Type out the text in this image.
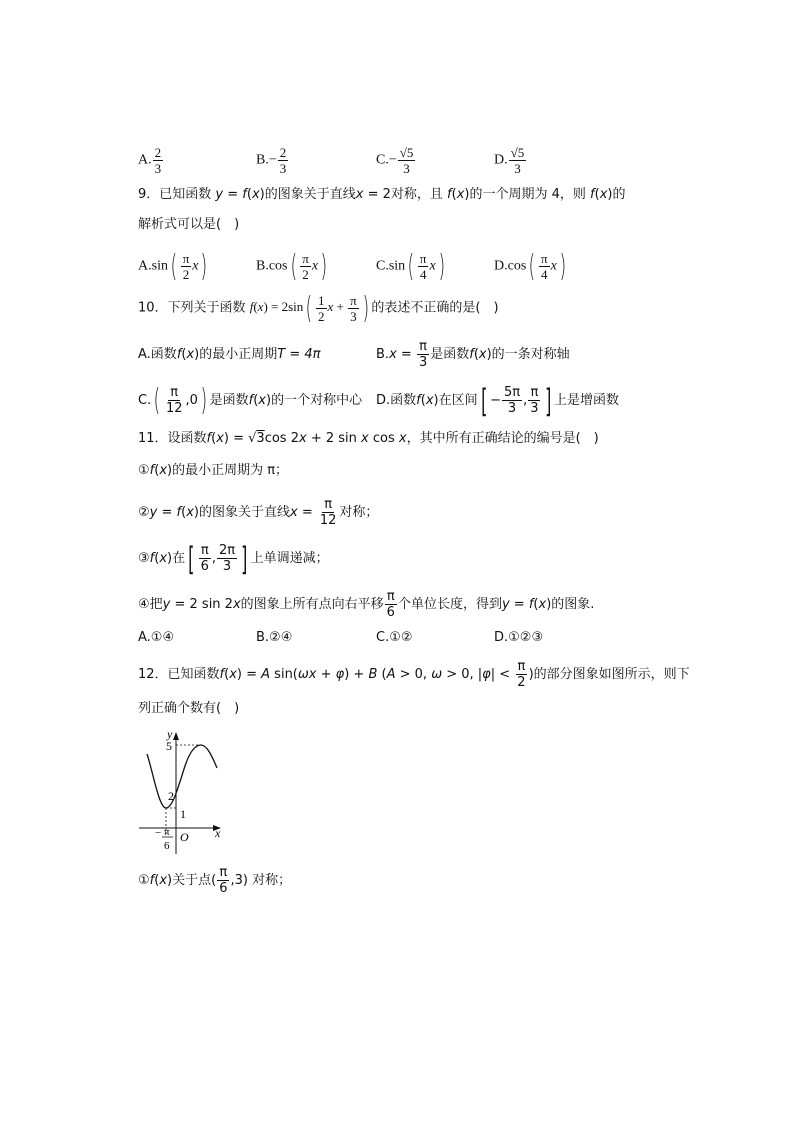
A. $\frac{2}{3}$	$B.- \frac{2}{3}$	$C.- \frac{√5}{3}$	D. $\frac{√5}{3}$
9．已知函数 y = f(x)的图象关于直线x = 2对称，且 f(x)的一个周期为 4，则 f(x)的
解析式可以是(　)
$A.\sin( \frac{\pi}{2} x)$	$B.\cos( \frac{\pi}{2} x)$	$C.\sin( \frac{\pi}{4} x)$	$D.\cos( \frac{\pi}{4} x)$
10．下列关于函数 $f(x) = 2\sin( \frac{1}{2}$ $x + \frac{\pi}{3}$ ) 的表述不正确的是(　)
A.函数f(x)的最小正周期T = 4π	$B.x = \frac{\pi}{3}$ 是函数f(x)的一条对称轴
$C.( \frac{\pi}{12} ,0)$ 是函数f(x)的一个对称中心 D.函数f(x)在区间[ − $\frac{5\pi}{3}$ , $\frac{\pi}{3}$ ] 上是增函数
11．设函数f(x) = √3cos 2x + 2 sin x cos x，其中所有正确结论的编号是(　)
①f(x)的最小正周期为 π；
②y = f(x)的图象关于直线$x = \frac{\pi}{12}$ 对称；
③f(x)在[ $\frac{\pi}{6}$ , $\frac{2\pi}{3}$ ] 上单调递减；
④把y = 2 sin 2x的图象上所有点向右平移 $\frac{\pi}{6}$ 个单位长度，得到y = f(x)的图象.
A.①④	B.②④	C.①②	D.①②③
12．已知函数f(x) = A sin(ωx + φ) + B (A > 0, ω > 0, $|\varphi| < \frac{\pi}{2}$ )的部分图象如图所示，则下
列正确个数有(　)
y
x
O
5
2
1
− π
6
①f(x)关于点( $\frac{\pi}{6} ,3$) 对称；
